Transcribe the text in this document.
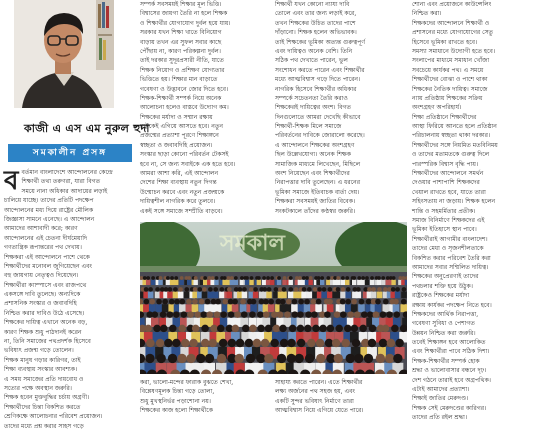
কাজী এ এস এম নুরুল হুদা
সমকালীন প্রসঙ্গ
ব বর্তমান বাংলাদেশে আন্দোলনের কেন্দ্রে
শিক্ষার্থী তথা তরুণরা, যারা বিগত
সময়ে নানা অধিকার আদায়ের লড়াই
চালিয়ে যাচ্ছে। তাদের প্রতিটি পদক্ষেপ
আন্দোলনের মধ্য দিয়ে রাষ্ট্রের মৌলিক
জিজ্ঞাসা সামনে এনেছে। এ আন্দোলন
আমাদের আশাবাদী করে; কারণ
আন্দোলনের এই চেতনা দীর্ঘমেয়াদি
গণতান্ত্রিক রূপান্তরের পথ দেখায়।
শিক্ষকরা এই আন্দোলনে পাশে থেকে
শিক্ষার্থীদের মনোবল জুগিয়েছেন এবং
বহু জায়গায় নেতৃত্বও দিয়েছেন।
শিক্ষার্থীরা ক্যাম্পাসে এবং রাজপথে
একসঙ্গে দাবি তুলেছে। অন্যদিকে
প্রশাসনিক সংস্কার ও জবাবদিহি
নিশ্চিত করার দাবিও উঠে এসেছে।
শিক্ষকের দায়িত্ব এখানে অনেক বড়,
কারণ শিক্ষক শুধু পাঠদানই করেন
না, তিনি সমাজের পথপ্রদর্শক হিসেবে
ভবিষ্যৎ প্রজন্ম গড়ে তোলেন।
শিক্ষক মানুষ গড়ার কারিগর, তাই
শিক্ষা ব্যবস্থায় সংস্কার আবশ্যক।
এ সময় সমাজের প্রতি দায়বোধ ও
সত্যের পক্ষে অবস্থান জরুরি।
শিক্ষক হবেন মুক্তবুদ্ধির চর্চায় অগ্রণী।
শিক্ষার্থীদের চিন্তা বিকশিত করতে
শ্রেণিকক্ষে আলোচনার পরিবেশ প্রয়োজন।
তাদের মধ্যে প্রশ্ন করার সাহস গড়ে
সম্পর্ক সবসময়ই শিক্ষার মূল ভিত্তি।
বিশ্বাসের জায়গা তৈরি না হলে শিক্ষক
ও শিক্ষার্থীর যোগাযোগ দুর্বল হয়ে যায়।
সরকার যখন শিক্ষা খাতে বিনিয়োগ
বাড়ায় তখন এর সুফল সবার কাছে
পৌঁছায় না, কারণ পরিকল্পনা দুর্বল।
তাই দরকার সুদূরপ্রসারী নীতি, যাতে
শিক্ষক নিয়োগ ও প্রশিক্ষণ যোগ্যতার
ভিত্তিতে হয়। শিক্ষার মান বাড়াতে
গবেষণা ও উদ্ভাবনে জোর দিতে হবে।
শিক্ষক-শিক্ষার্থী সম্পর্ক নিয়ে অনেক
আলোচনা হলেও বাস্তবে উদ্যোগ কম।
শিক্ষকের মর্যাদা ও সম্মান রক্ষায়
রাষ্ট্রকেই এগিয়ে আসতে হবে। নতুন
প্রজন্মের প্রত্যাশা পূরণে শিক্ষাঙ্গনে
স্বচ্ছতা ও জবাবদিহি প্রয়োজন।
সংস্কার ছাড়া কোনো পরিবর্তন টেকসই
হবে না, সে জন্য সবাইকে এক হতে হবে।
আমরা আশা করি, এই আন্দোলন
দেশের শিক্ষা ব্যবস্থায় নতুন দিগন্ত
উন্মোচন করবে এবং নতুন প্রজন্মকে
দায়িত্বশীল নাগরিক করে তুলবে।
একই সঙ্গে সমাজে সম্প্রীতি বাড়বে।
শিক্ষার্থী যখন কোনো ন্যায্য দাবি
তোলে এবং তার জন্য লড়াই করে,
তখন শিক্ষকের উচিত তাদের পাশে
দাঁড়ানো। শিক্ষক হলেন অভিভাবক।
তাই শিক্ষকের ভূমিকা অত্যন্ত গুরুত্বপূর্ণ
এবং দায়িত্বও অনেক বেশি। তিনি
সঠিক পথ দেখাতে পারেন, ভুল
সংশোধন করতে পারেন এবং শিক্ষার্থীর
মধ্যে আত্মবিশ্বাস গড়ে দিতে পারেন।
নাগরিক হিসেবে শিক্ষার্থীর অধিকার
সম্পর্কে সচেতনতা তৈরি করাও
শিক্ষকেরই দায়িত্বের অংশ। বিগত
দিনগুলোতে আমরা দেখেছি কীভাবে
শিক্ষার্থী-শিক্ষক মিলে সমাজে
পরিবর্তনের দাবিকে জোরালো করেছে।
এ আন্দোলনে শিক্ষকের অংশগ্রহণ
ছিল উল্লেখযোগ্য। অনেক শিক্ষক
সামাজিক মাধ্যমে লিখেছেন, মিছিলে
অংশ নিয়েছেন এবং শিক্ষার্থীদের
নিরাপত্তার দাবি তুলেছেন। এ ধরনের
ভূমিকা সমাজে ইতিবাচক বার্তা দেয়।
শিক্ষকরা সবসময়ই জাতির বিবেক।
সংকটকালে তাঁদের কণ্ঠস্বর জরুরি।
শোনা এবং প্রয়োজনে কাউন্সেলিং
নিশ্চিত করা।
শিক্ষকদের আন্দোলনে শিক্ষার্থী ও
প্রশাসনের মধ্যে যোগাযোগের সেতু
হিসেবে ভূমিকা রাখতে হবে।
সমস্যা সমাধানে উদ্যোগী হতে হবে।
সংলাপের মাধ্যমে সমাধান খোঁজা
সবচেয়ে কার্যকর পথ। এ সময়ে
শিক্ষার্থীদের বোঝা ও পাশে থাকা
শিক্ষকের নৈতিক দায়িত্ব। সমাজে
ন্যায় প্রতিষ্ঠায় শিক্ষকের সক্রিয়
অংশগ্রহণ অপরিহার্য।
শিক্ষা প্রতিষ্ঠানে শিক্ষার্থীদের
আস্থা ফিরিয়ে আনতে হলে প্রতিষ্ঠান
পরিচালনায় স্বচ্ছতা থাকা দরকার।
শিক্ষার্থীদের সঙ্গে নিয়মিত মতবিনিময়
ও তাদের মতামতকে গুরুত্ব দিলে
পারস্পরিক বিশ্বাস বৃদ্ধি পায়।
শিক্ষার্থীদের আন্দোলনে সমর্থন
দেওয়ার পাশাপাশি শিক্ষকদের
খেয়াল রাখতে হবে, যাতে তারা
সহিংসতায় না জড়ায়। শিক্ষক হলেন
শান্তি ও সহমর্মিতার প্রতীক।
সমাজ বিনির্মাণে শিক্ষকদের এই
ভূমিকা ইতিহাসে স্থান পাবে।
শিক্ষার্থীরাই আগামীর বাংলাদেশ।
তাদের মেধা ও সৃজনশীলতাকে
বিকশিত করার পরিবেশ তৈরি করা
আমাদের সবার সম্মিলিত দায়িত্ব।
শিক্ষকের অনুপ্রেরণাই তাদের
পথচলার শক্তি হয়ে উঠুক।
রাষ্ট্রকেও শিক্ষকের মর্যাদা
রক্ষায় কার্যকর পদক্ষেপ নিতে হবে।
শিক্ষকদের আর্থিক নিরাপত্তা,
গবেষণা সুবিধা ও পেশাগত
উন্নয়ন নিশ্চিত করা জরুরি।
তবেই শিক্ষাঙ্গন হবে আলোকিত
এবং শিক্ষার্থীরা পাবে সঠিক দিশা।
শিক্ষক-শিক্ষার্থীর সম্পর্ক হোক
শ্রদ্ধা ও ভালোবাসার বন্ধনে দৃঢ়।
দেশ গঠনে তারাই হবে অগ্রপথিক।
এটাই আমাদের প্রত্যাশা।
শিক্ষাই জাতির মেরুদণ্ড।
শিক্ষক সেই মেরুদণ্ডের কারিগর।
তাদের প্রতি রইল শ্রদ্ধা।
সমকাল
করা, ভালো-মন্দের ফারাক বুঝতে শেখা,
বিশ্লেষণমূলক চিন্তা গড়ে তোলা,
শুধু মুখস্থনির্ভর পড়াশোনা নয়।
শিক্ষকের কাজ হলো শিক্ষার্থীকে
সাহায্য করতে পারেন। এতে শিক্ষার্থীর
লক্ষ্য অর্জনের পথ সহজ হয়, এবং
একটি সুন্দর ভবিষ্যৎ নির্মাণে তারা
আত্মবিশ্বাস নিয়ে এগিয়ে যেতে পারে।
